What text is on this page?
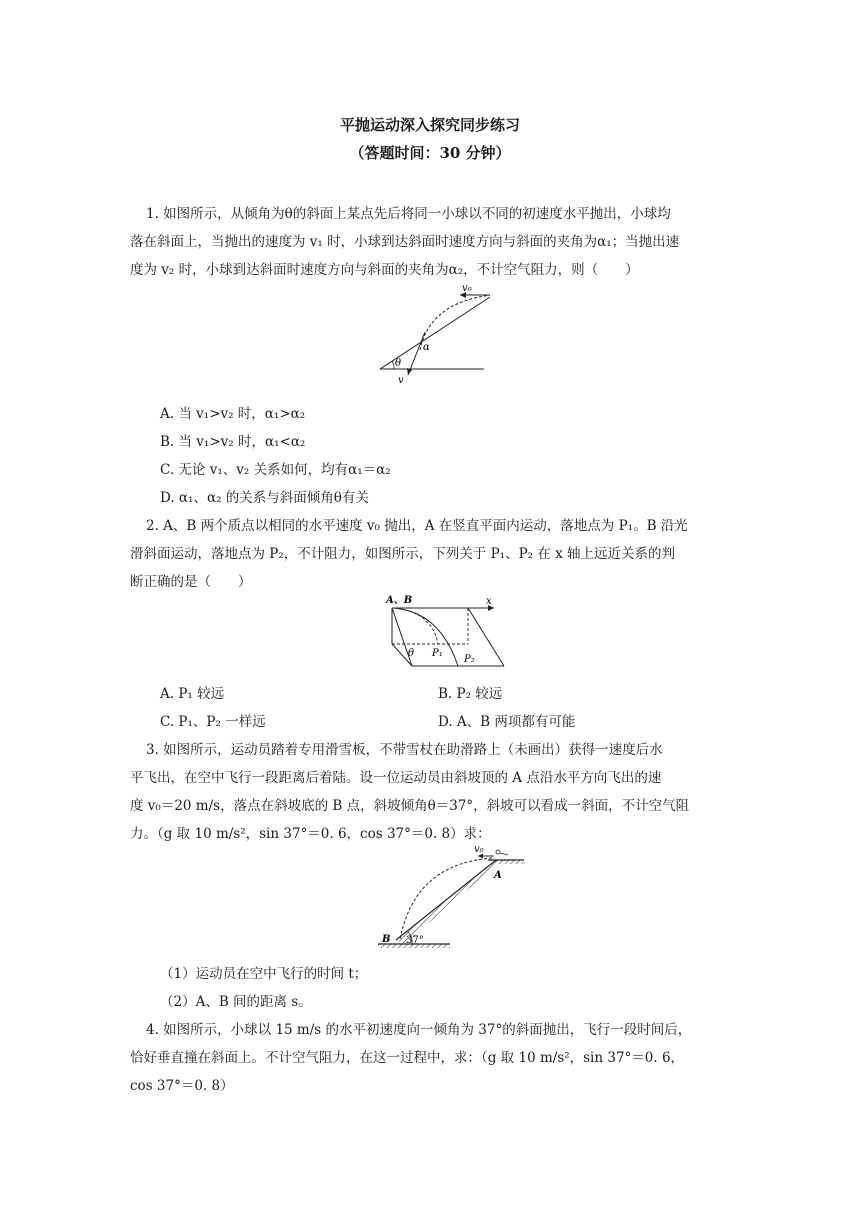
平抛运动深入探究同步练习
（答题时间：30 分钟）
1. 如图所示，从倾角为θ的斜面上某点先后将同一小球以不同的初速度水平抛出，小球均
落在斜面上，当抛出的速度为 v₁ 时，小球到达斜面时速度方向与斜面的夹角为α₁；当抛出速
度为 v₂ 时，小球到达斜面时速度方向与斜面的夹角为α₂，不计空气阻力，则（　　）
v₀
α
θ
v
A. 当 v₁>v₂ 时，α₁>α₂
B. 当 v₁>v₂ 时，α₁<α₂
C. 无论 v₁、v₂ 关系如何，均有α₁＝α₂
D. α₁、α₂ 的关系与斜面倾角θ有关
2. A、B 两个质点以相同的水平速度 v₀ 抛出，A 在竖直平面内运动，落地点为 P₁。B 沿光
滑斜面运动，落地点为 P₂，不计阻力，如图所示，下列关于 P₁、P₂ 在 x 轴上远近关系的判
断正确的是（　　）
A、B	x
θ P₁
P₂
A. P₁ 较远	B. P₂ 较远
C. P₁、P₂ 一样远	D. A、B 两项都有可能
3. 如图所示，运动员踏着专用滑雪板，不带雪杖在助滑路上（未画出）获得一速度后水
平飞出，在空中飞行一段距离后着陆。设一位运动员由斜坡顶的 A 点沿水平方向飞出的速
度 v₀＝20 m/s，落点在斜坡底的 B 点，斜坡倾角θ＝37°，斜坡可以看成一斜面，不计空气阻
力。（g 取 10 m/s²，sin 37°＝0. 6，cos 37°＝0. 8）求：
v₀
A
B 37°
（1）运动员在空中飞行的时间 t；
（2）A、B 间的距离 s。
4. 如图所示，小球以 15 m/s 的水平初速度向一倾角为 37°的斜面抛出，飞行一段时间后，
恰好垂直撞在斜面上。不计空气阻力，在这一过程中，求：（g 取 10 m/s²，sin 37°＝0. 6，
cos 37°＝0. 8）
